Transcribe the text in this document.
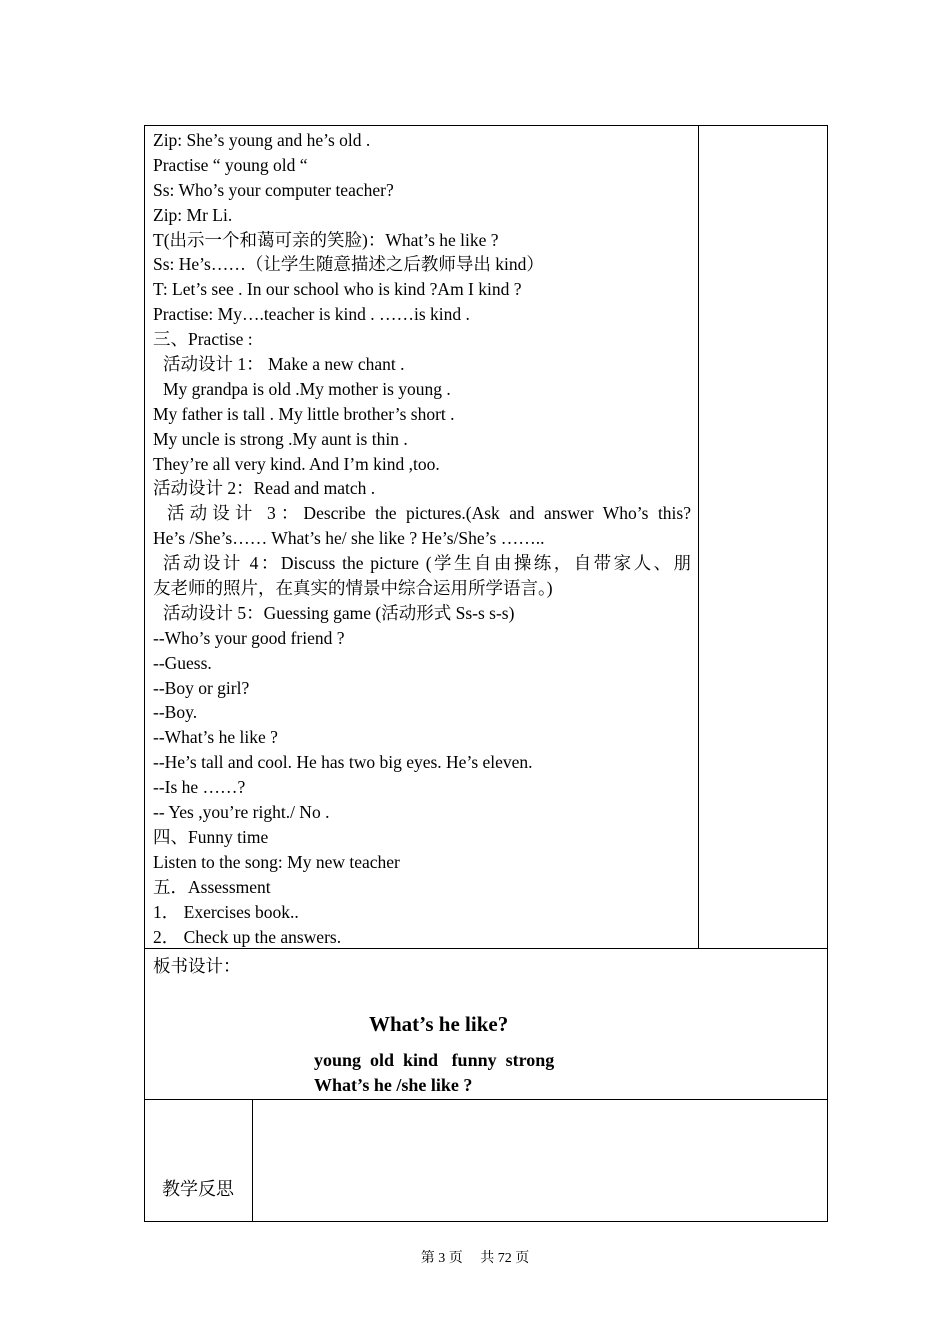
Zip: She’s young and he’s old .
Practise “ young old “
Ss: Who’s your computer teacher?
Zip: Mr Li.
T(出示一个和蔼可亲的笑脸)：What’s he like ?
Ss: He’s……（让学生随意描述之后教师导出 kind）
T: Let’s see . In our school who is kind ?Am I kind ?
Practise: My….teacher is kind . ……is kind .
三、Practise :
活动设计 1： Make a new chant .
My grandpa is old .My mother is young .
My father is tall . My little brother’s short .
My uncle is strong .My aunt is thin .
They’re all very kind. And I’m kind ,too.
活动设计 2：Read and match .
活动设计 3：Describe the pictures.(Ask and answer Who’s this?
He’s /She’s…… What’s he/ she like ? He’s/She’s ……..
活动设计 4：Discuss the picture (学生自由操练，自带家人、朋
友老师的照片，在真实的情景中综合运用所学语言。)
活动设计 5：Guessing game (活动形式 Ss-s s-s)
--Who’s your good friend ?
--Guess.
--Boy or girl?
--Boy.
--What’s he like ?
--He’s tall and cool. He has two big eyes. He’s eleven.
--Is he ……?
-- Yes ,you’re right./ No .
四、Funny time
Listen to the song: My new teacher
五．Assessment
1． Exercises book..
2． Check up the answers.
板书设计：
What’s he like?
young  old  kind   funny  strong
What’s he /she like ?
教学反思
第 3 页     共 72 页
